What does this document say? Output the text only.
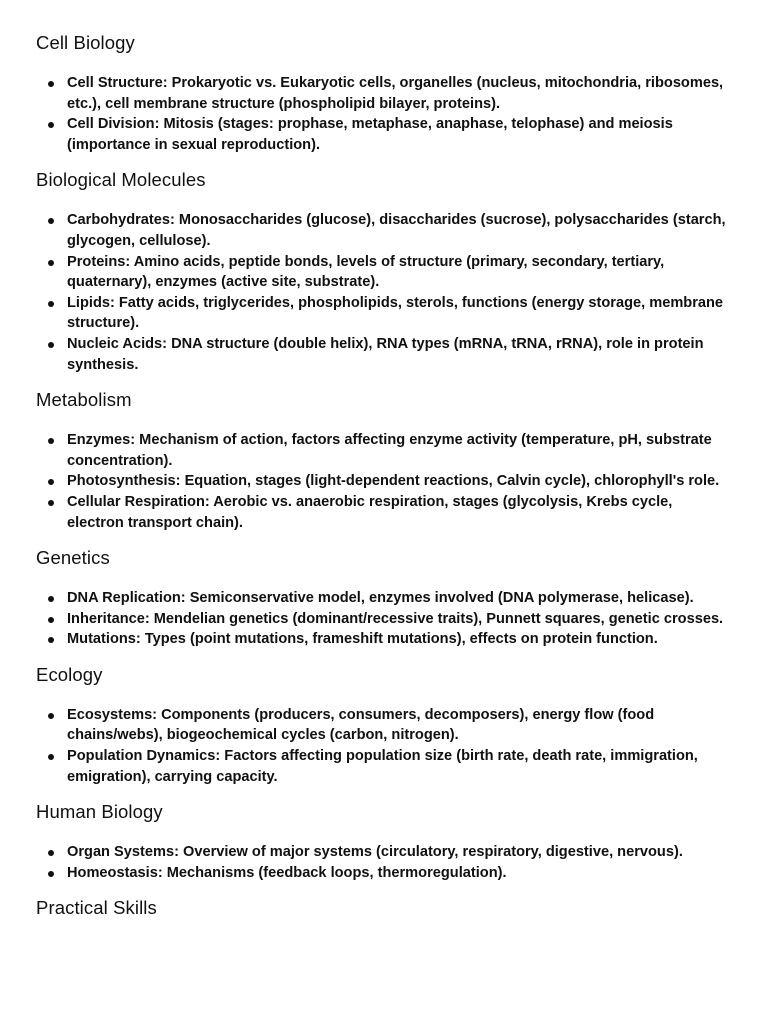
Cell Biology
Cell Structure: Prokaryotic vs. Eukaryotic cells, organelles (nucleus, mitochondria, ribosomes, etc.), cell membrane structure (phospholipid bilayer, proteins).
Cell Division: Mitosis (stages: prophase, metaphase, anaphase, telophase) and meiosis (importance in sexual reproduction).
Biological Molecules
Carbohydrates: Monosaccharides (glucose), disaccharides (sucrose), polysaccharides (starch, glycogen, cellulose).
Proteins: Amino acids, peptide bonds, levels of structure (primary, secondary, tertiary, quaternary), enzymes (active site, substrate).
Lipids: Fatty acids, triglycerides, phospholipids, sterols, functions (energy storage, membrane structure).
Nucleic Acids: DNA structure (double helix), RNA types (mRNA, tRNA, rRNA), role in protein synthesis.
Metabolism
Enzymes: Mechanism of action, factors affecting enzyme activity (temperature, pH, substrate concentration).
Photosynthesis: Equation, stages (light-dependent reactions, Calvin cycle), chlorophyll's role.
Cellular Respiration: Aerobic vs. anaerobic respiration, stages (glycolysis, Krebs cycle, electron transport chain).
Genetics
DNA Replication: Semiconservative model, enzymes involved (DNA polymerase, helicase).
Inheritance: Mendelian genetics (dominant/recessive traits), Punnett squares, genetic crosses.
Mutations: Types (point mutations, frameshift mutations), effects on protein function.
Ecology
Ecosystems: Components (producers, consumers, decomposers), energy flow (food chains/webs), biogeochemical cycles (carbon, nitrogen).
Population Dynamics: Factors affecting population size (birth rate, death rate, immigration, emigration), carrying capacity.
Human Biology
Organ Systems: Overview of major systems (circulatory, respiratory, digestive, nervous).
Homeostasis: Mechanisms (feedback loops, thermoregulation).
Practical Skills
